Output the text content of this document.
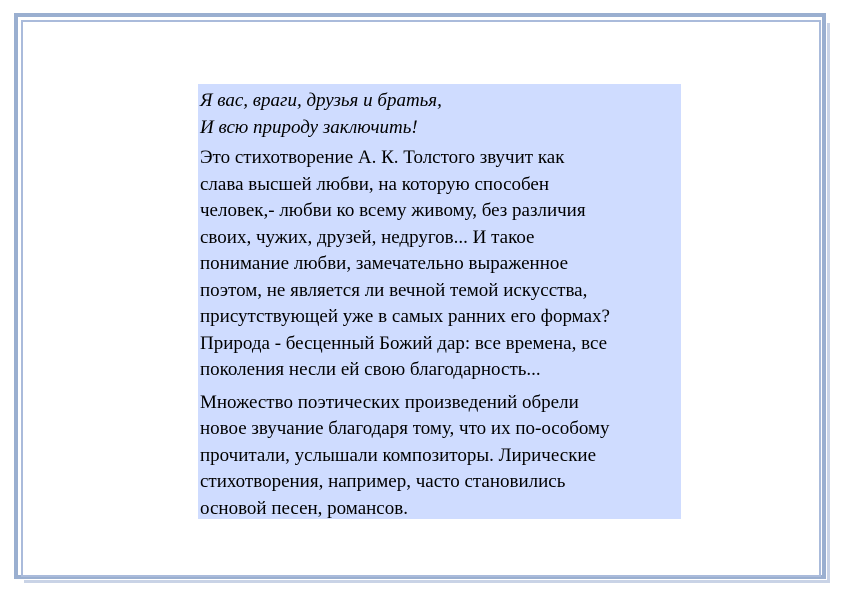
Я вас, враги, друзья и братья,
И всю природу заключить!
Это стихотворение А. К. Толстого звучит как
слава высшей любви, на которую способен
человек,- любви ко всему живому, без различия
своих, чужих, друзей, недругов... И такое
понимание любви, замечательно выраженное
поэтом, не является ли вечной темой искусства,
присутствующей уже в самых ранних его формах?
Природа - бесценный Божий дар: все времена, все
поколения несли ей свою благодарность...
Множество поэтических произведений обрели
новое звучание благодаря тому, что их по-особому
прочитали, услышали композиторы. Лирические
стихотворения, например, часто становились
основой песен, романсов.
